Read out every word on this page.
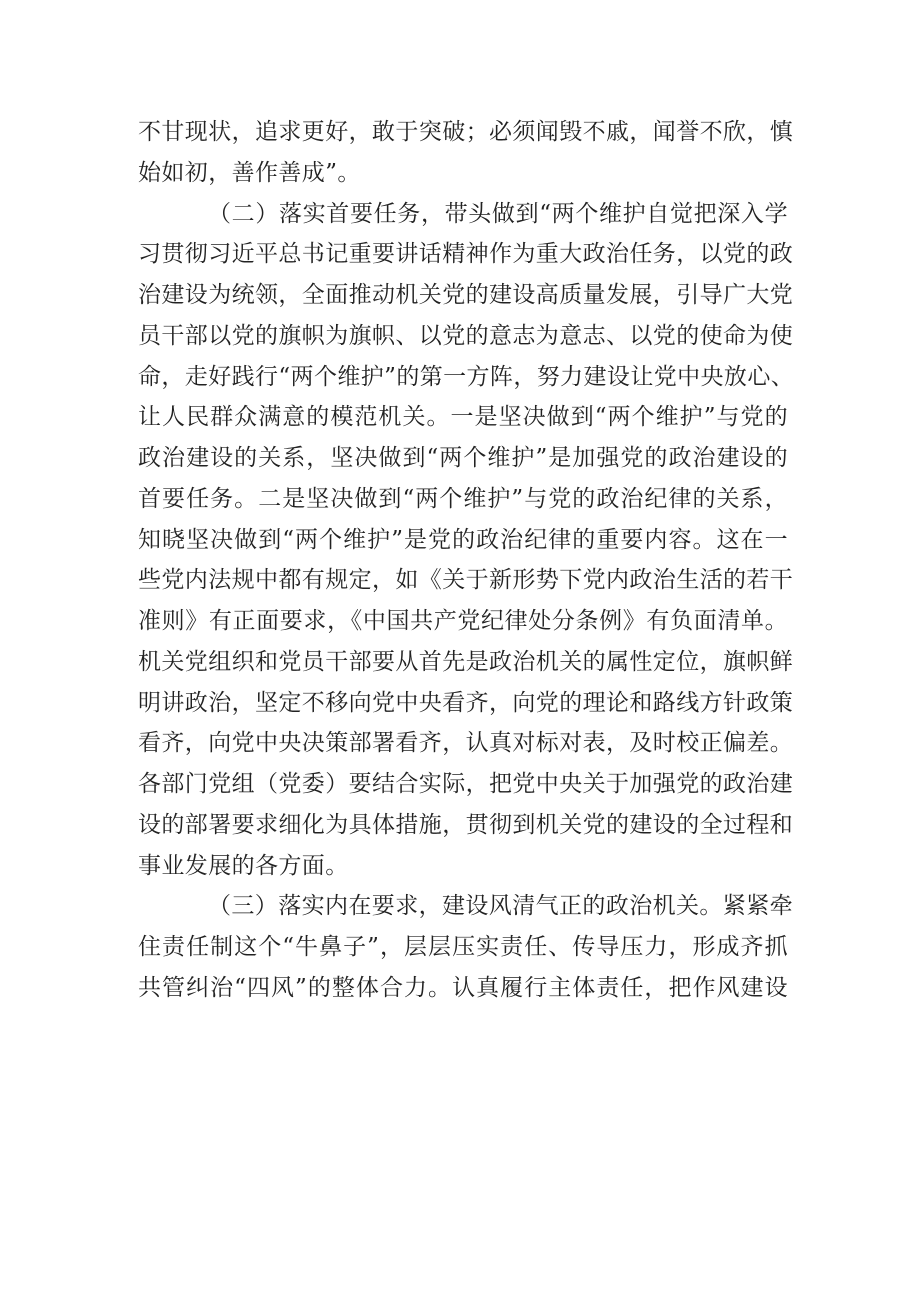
不甘现状，追求更好，敢于突破；必须闻毁不戚，闻誉不欣，慎
始如初，善作善成”。
（二）落实首要任务，带头做到“两个维护自觉把深入学
习贯彻习近平总书记重要讲话精神作为重大政治任务，以党的政
治建设为统领，全面推动机关党的建设高质量发展，引导广大党
员干部以党的旗帜为旗帜、以党的意志为意志、以党的使命为使
命，走好践行“两个维护”的第一方阵，努力建设让党中央放心、
让人民群众满意的模范机关。一是坚决做到“两个维护”与党的
政治建设的关系，坚决做到“两个维护”是加强党的政治建设的
首要任务。二是坚决做到“两个维护”与党的政治纪律的关系，
知晓坚决做到“两个维护”是党的政治纪律的重要内容。这在一
些党内法规中都有规定，如《关于新形势下党内政治生活的若干
准则》有正面要求，《中国共产党纪律处分条例》有负面清单。
机关党组织和党员干部要从首先是政治机关的属性定位，旗帜鲜
明讲政治，坚定不移向党中央看齐，向党的理论和路线方针政策
看齐，向党中央决策部署看齐，认真对标对表，及时校正偏差。
各部门党组（党委）要结合实际，把党中央关于加强党的政治建
设的部署要求细化为具体措施，贯彻到机关党的建设的全过程和
事业发展的各方面。
（三）落实内在要求，建设风清气正的政治机关。紧紧牵
住责任制这个“牛鼻子”，层层压实责任、传导压力，形成齐抓
共管纠治“四风”的整体合力。认真履行主体责任，把作风建设
